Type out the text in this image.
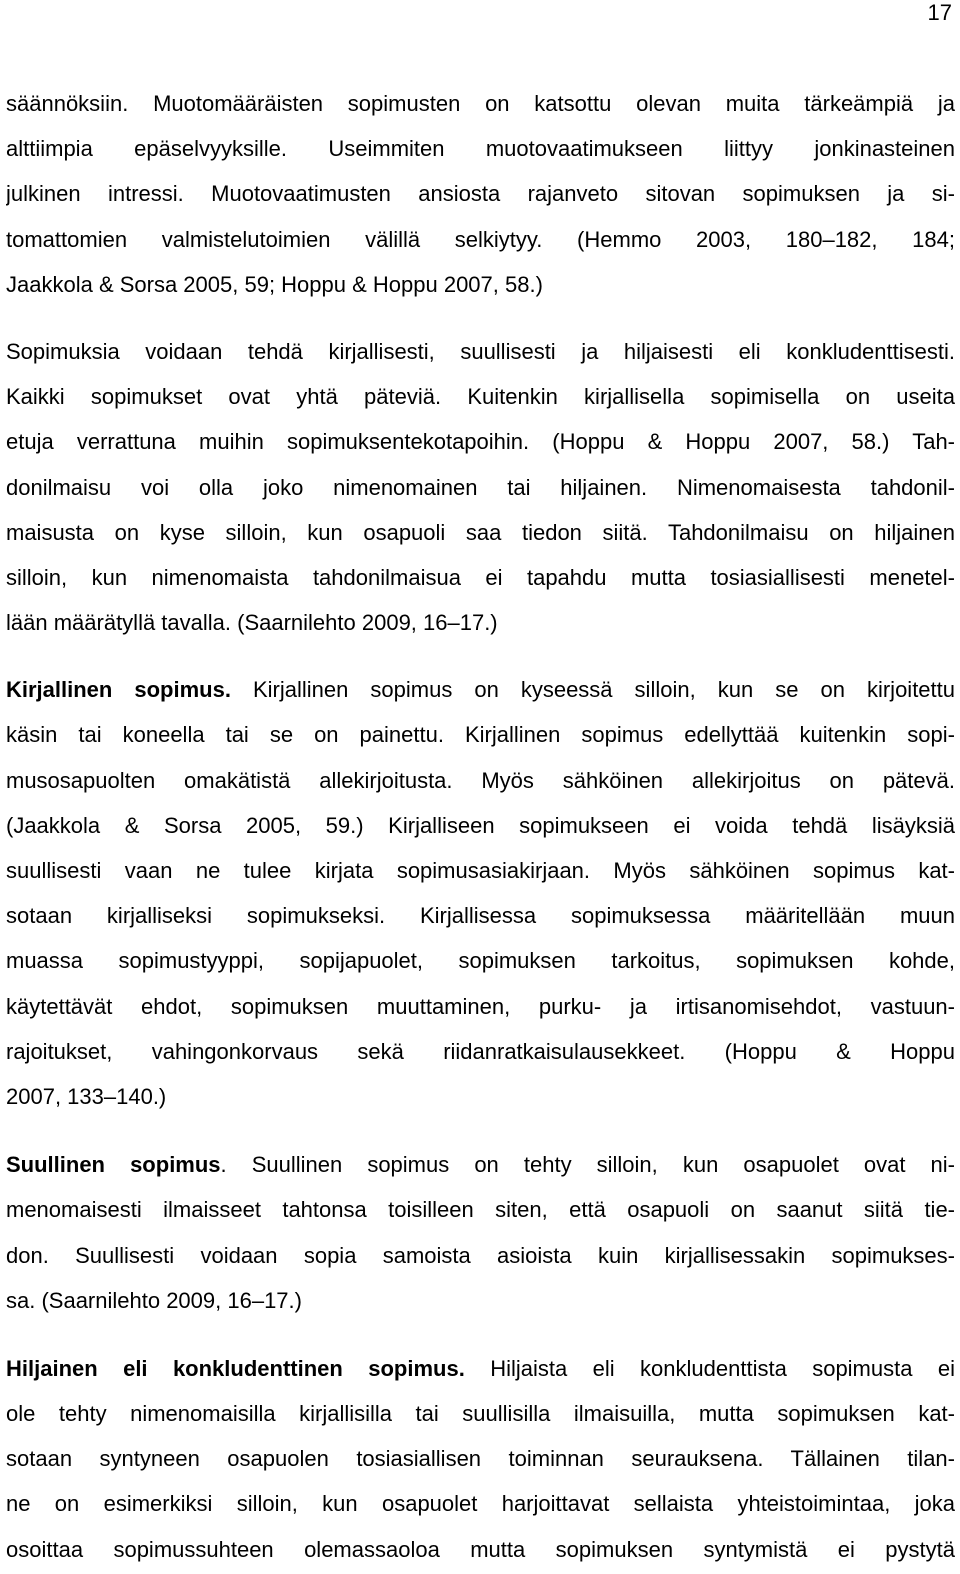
17

säännöksiin. Muotomääräisten sopimusten on katsottu olevan muita tärkeämpiä ja
alttiimpia epäselvyyksille. Useimmiten muotovaatimukseen liittyy jonkinasteinen
julkinen intressi. Muotovaatimusten ansiosta rajanveto sitovan sopimuksen ja si-
tomattomien valmistelutoimien välillä selkiytyy. (Hemmo 2003, 180–182, 184;
Jaakkola & Sorsa 2005, 59; Hoppu & Hoppu 2007, 58.)

Sopimuksia voidaan tehdä kirjallisesti, suullisesti ja hiljaisesti eli konkludenttisesti.
Kaikki sopimukset ovat yhtä päteviä. Kuitenkin kirjallisella sopimisella on useita
etuja verrattuna muihin sopimuksentekotapoihin. (Hoppu & Hoppu 2007, 58.) Tah-
donilmaisu voi olla joko nimenomainen tai hiljainen. Nimenomaisesta tahdonil-
maisusta on kyse silloin, kun osapuoli saa tiedon siitä. Tahdonilmaisu on hiljainen
silloin, kun nimenomaista tahdonilmaisua ei tapahdu mutta tosiasiallisesti menetel-
lään määrätyllä tavalla. (Saarnilehto 2009, 16–17.)

Kirjallinen sopimus. Kirjallinen sopimus on kyseessä silloin, kun se on kirjoitettu
käsin tai koneella tai se on painettu. Kirjallinen sopimus edellyttää kuitenkin sopi-
musosapuolten omakätistä allekirjoitusta. Myös sähköinen allekirjoitus on pätevä.
(Jaakkola & Sorsa 2005, 59.) Kirjalliseen sopimukseen ei voida tehdä lisäyksiä
suullisesti vaan ne tulee kirjata sopimusasiakirjaan. Myös sähköinen sopimus kat-
sotaan kirjalliseksi sopimukseksi. Kirjallisessa sopimuksessa määritellään muun
muassa sopimustyyppi, sopijapuolet, sopimuksen tarkoitus, sopimuksen kohde,
käytettävät ehdot, sopimuksen muuttaminen, purku- ja irtisanomisehdot, vastuun-
rajoitukset, vahingonkorvaus sekä riidanratkaisulausekkeet. (Hoppu & Hoppu
2007, 133–140.)

Suullinen sopimus. Suullinen sopimus on tehty silloin, kun osapuolet ovat ni-
menomaisesti ilmaisseet tahtonsa toisilleen siten, että osapuoli on saanut siitä tie-
don. Suullisesti voidaan sopia samoista asioista kuin kirjallisessakin sopimukses-
sa. (Saarnilehto 2009, 16–17.)

Hiljainen eli konkludenttinen sopimus. Hiljaista eli konkludenttista sopimusta ei
ole tehty nimenomaisilla kirjallisilla tai suullisilla ilmaisuilla, mutta sopimuksen kat-
sotaan syntyneen osapuolen tosiasiallisen toiminnan seurauksena. Tällainen tilan-
ne on esimerkiksi silloin, kun osapuolet harjoittavat sellaista yhteistoimintaa, joka
osoittaa sopimussuhteen olemassaoloa mutta sopimuksen syntymistä ei pystytä
